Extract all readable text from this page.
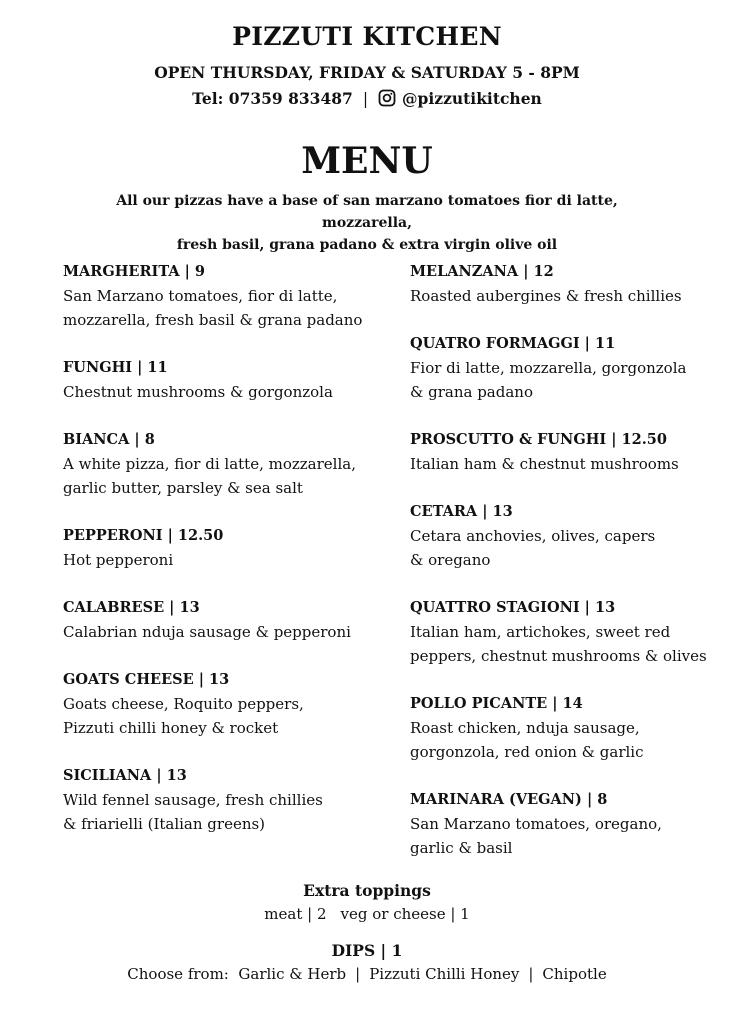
PIZZUTI KITCHEN
OPEN THURSDAY, FRIDAY & SATURDAY 5 - 8PM
Tel: 07359 833487 | @pizzutikitchen
MENU
All our pizzas have a base of san marzano tomatoes fior di latte, mozzarella,
fresh basil, grana padano & extra virgin olive oil
MARGHERITA | 9
San Marzano tomatoes, fior di latte,
mozzarella, fresh basil & grana padano
FUNGHI | 11
Chestnut mushrooms & gorgonzola
BIANCA | 8
A white pizza, fior di latte, mozzarella,
garlic butter, parsley & sea salt
PEPPERONI | 12.50
Hot pepperoni
CALABRESE | 13
Calabrian nduja sausage & pepperoni
GOATS CHEESE | 13
Goats cheese, Roquito peppers,
Pizzuti chilli honey & rocket
SICILIANA | 13
Wild fennel sausage, fresh chillies
& friarielli (Italian greens)
MELANZANA | 12
Roasted aubergines & fresh chillies
QUATRO FORMAGGI | 11
Fior di latte, mozzarella, gorgonzola
& grana padano
PROSCUTTO & FUNGHI | 12.50
Italian ham & chestnut mushrooms
CETARA | 13
Cetara anchovies, olives, capers
& oregano
QUATTRO STAGIONI | 13
Italian ham, artichokes, sweet red
peppers, chestnut mushrooms & olives
POLLO PICANTE | 14
Roast chicken, nduja sausage,
gorgonzola, red onion & garlic
MARINARA (VEGAN) | 8
San Marzano tomatoes, oregano,
garlic & basil
Extra toppings
meat | 2 veg or cheese | 1
DIPS | 1
Choose from: Garlic & Herb | Pizzuti Chilli Honey | Chipotle
